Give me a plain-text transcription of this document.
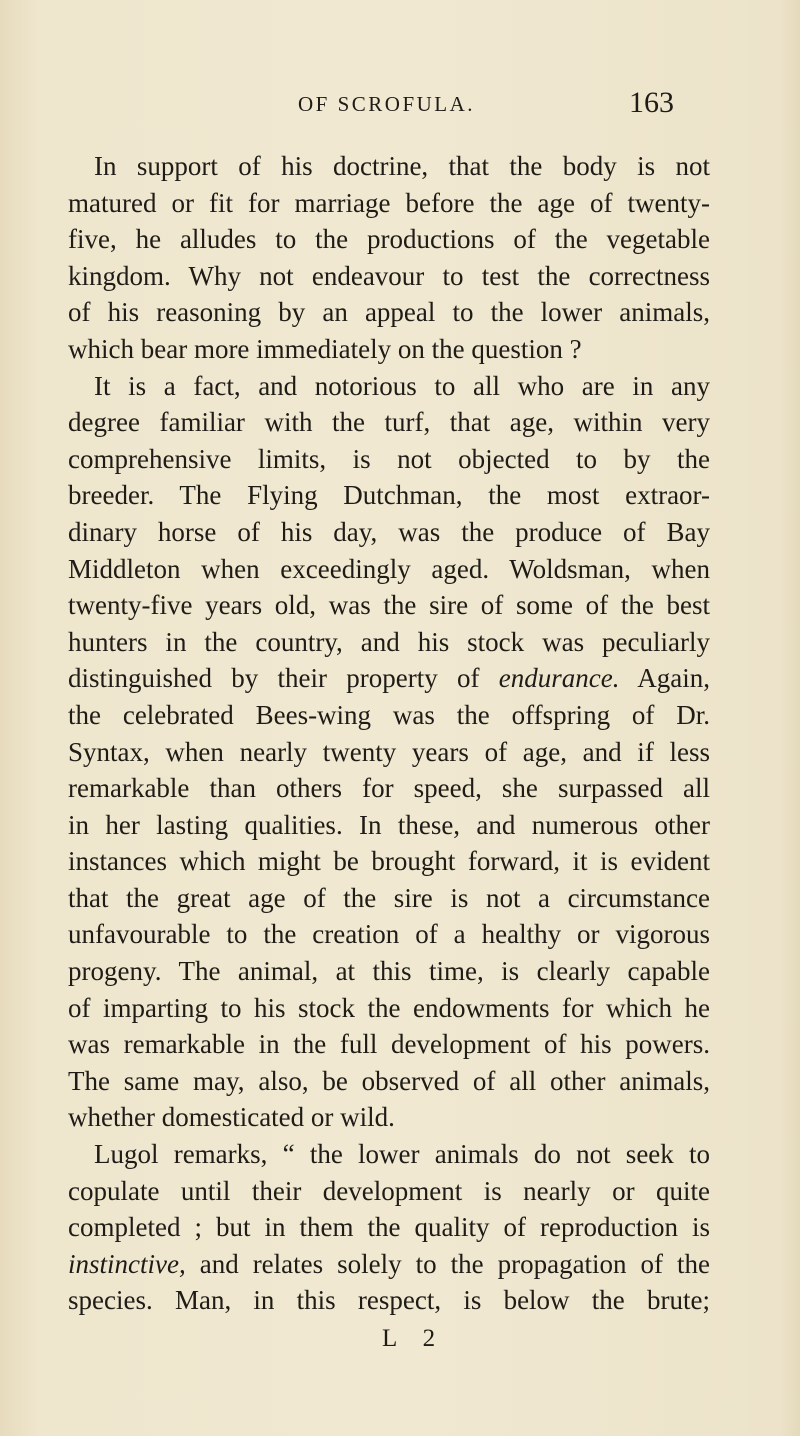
OF SCROFULA.	163
In support of his doctrine, that the body is not
matured or fit for marriage before the age of twenty-
five, he alludes to the productions of the vegetable
kingdom. Why not endeavour to test the correctness
of his reasoning by an appeal to the lower animals,
which bear more immediately on the question ?
It is a fact, and notorious to all who are in any
degree familiar with the turf, that age, within very
comprehensive limits, is not objected to by the
breeder. The Flying Dutchman, the most extraor-
dinary horse of his day, was the produce of Bay
Middleton when exceedingly aged. Woldsman, when
twenty-five years old, was the sire of some of the best
hunters in the country, and his stock was peculiarly
distinguished by their property of endurance. Again,
the celebrated Bees-wing was the offspring of Dr.
Syntax, when nearly twenty years of age, and if less
remarkable than others for speed, she surpassed all
in her lasting qualities. In these, and numerous other
instances which might be brought forward, it is evident
that the great age of the sire is not a circumstance
unfavourable to the creation of a healthy or vigorous
progeny. The animal, at this time, is clearly capable
of imparting to his stock the endowments for which he
was remarkable in the full development of his powers.
The same may, also, be observed of all other animals,
whether domesticated or wild.
Lugol remarks, “ the lower animals do not seek to
copulate until their development is nearly or quite
completed ; but in them the quality of reproduction is
instinctive, and relates solely to the propagation of the
species. Man, in this respect, is below the brute;
L 2
